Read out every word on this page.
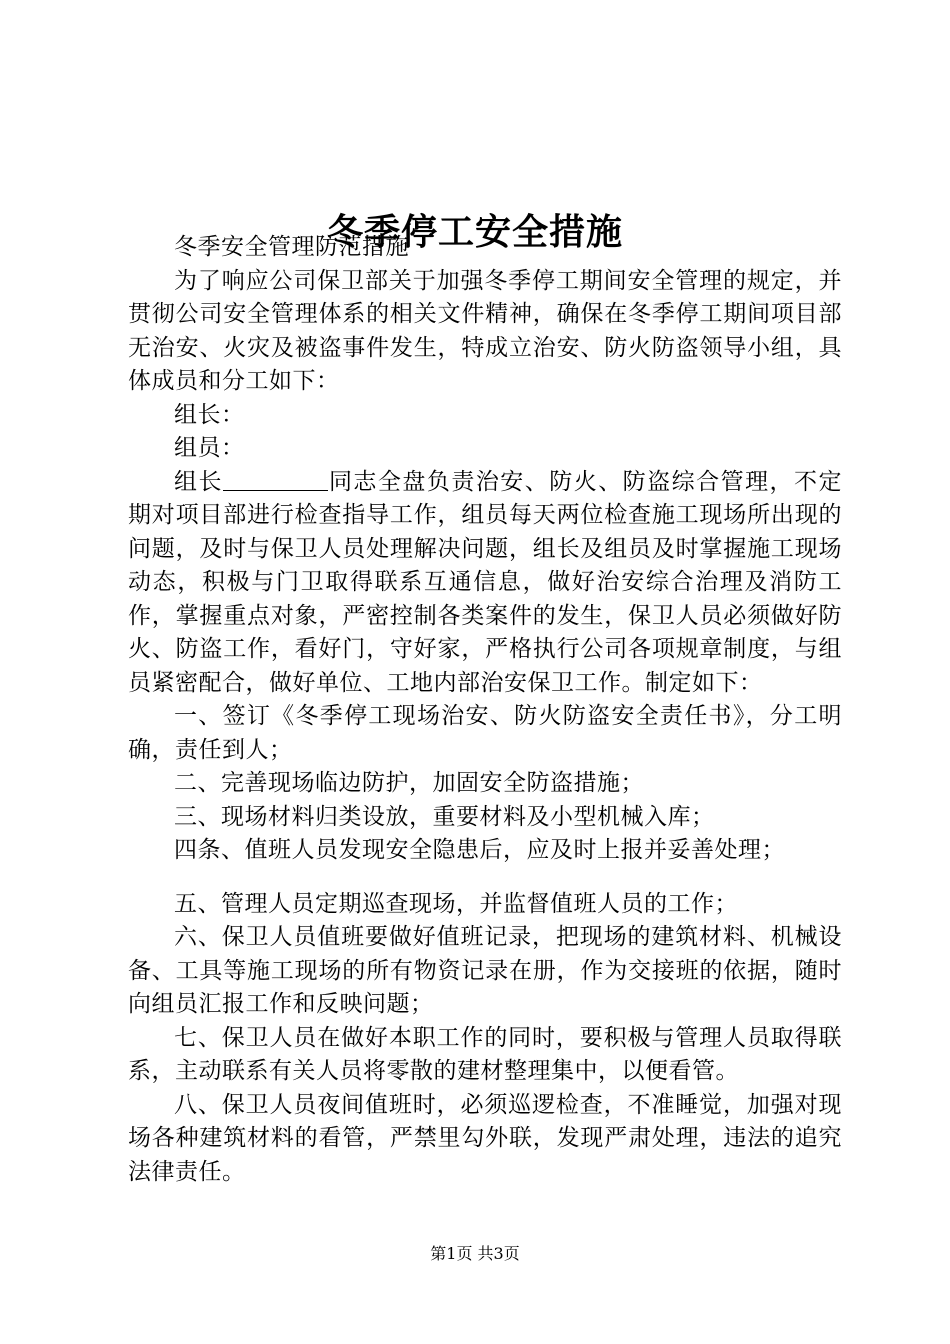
冬季停工安全措施

冬季安全管理防范措施

为了响应公司保卫部关于加强冬季停工期间安全管理的规定，并贯彻公司安全管理体系的相关文件精神，确保在冬季停工期间项目部无治安、火灾及被盗事件发生，特成立治安、防火防盗领导小组，具体成员和分工如下：

组长：

组员：

组长	同志全盘负责治安、防火、防盗综合管理，不定期对项目部进行检查指导工作，组员每天两位检查施工现场所出现的问题，及时与保卫人员处理解决问题，组长及组员及时掌握施工现场动态，积极与门卫取得联系互通信息，做好治安综合治理及消防工作，掌握重点对象，严密控制各类案件的发生，保卫人员必须做好防火、防盗工作，看好门，守好家，严格执行公司各项规章制度，与组员紧密配合，做好单位、工地内部治安保卫工作。制定如下：

一、签订《冬季停工现场治安、防火防盗安全责任书》，分工明确，责任到人；

二、完善现场临边防护，加固安全防盗措施；

三、现场材料归类设放，重要材料及小型机械入库；

四条、值班人员发现安全隐患后，应及时上报并妥善处理；

五、管理人员定期巡查现场，并监督值班人员的工作；

六、保卫人员值班要做好值班记录，把现场的建筑材料、机械设备、工具等施工现场的所有物资记录在册，作为交接班的依据，随时向组员汇报工作和反映问题；

七、保卫人员在做好本职工作的同时，要积极与管理人员取得联系，主动联系有关人员将零散的建材整理集中，以便看管。

八、保卫人员夜间值班时，必须巡逻检查，不准睡觉，加强对现场各种建筑材料的看管，严禁里勾外联，发现严肃处理，违法的追究法律责任。

第1页 共3页
